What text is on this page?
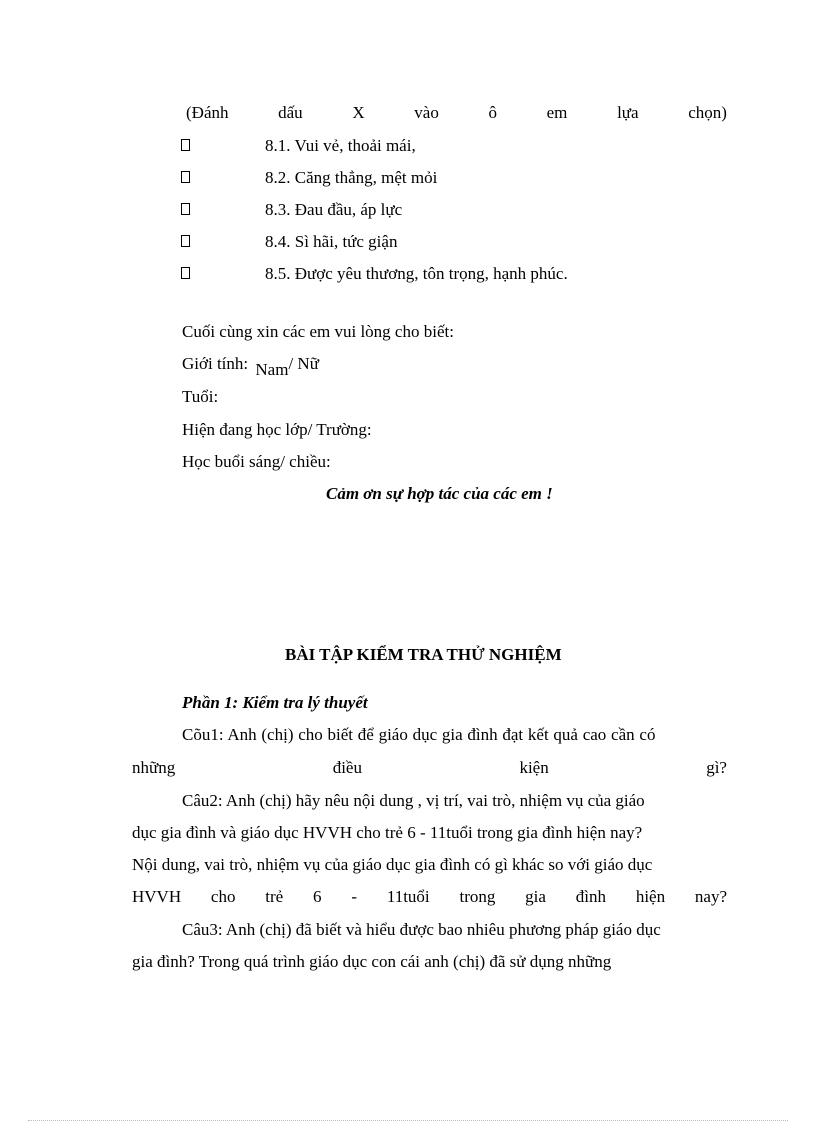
(Đánh	dấu	X	vào	ô	em	lựa	chọn)
8.1. Vui vẻ, thoải mái,
8.2. Căng thẳng, mệt mỏi
8.3. Đau đầu, áp lực
8.4. Sì hãi, tức giận
8.5. Được yêu thương, tôn trọng, hạnh phúc.
Cuối cùng xin các em vui lòng cho biết:
Giới tính: Nam/ Nữ
Tuổi:
Hiện đang học lớp/ Trường:
Học buổi sáng/ chiều:
Cảm ơn sự hợp tác của các em !
BÀI TẬP KIỂM TRA THỬ NGHIỆM
Phần 1: Kiểm tra lý thuyết
Cõu1: Anh (chị) cho biết để giáo dục gia đình đạt kết quả cao cần có
những	điều	kiện	gì?
Câu2: Anh (chị) hãy nêu nội dung , vị trí, vai trò, nhiệm vụ của giáo
dục gia đình và giáo dục HVVH cho trẻ 6 - 11tuổi trong gia đình hiện nay?
Nội dung, vai trò, nhiệm vụ của giáo dục gia đình có gì khác so với giáo dục
HVVH cho trẻ 6 - 11tuổi trong gia đình hiện nay?
Câu3: Anh (chị) đã biết và hiểu được bao nhiêu phương pháp giáo dục
gia đình? Trong quá trình giáo dục con cái anh (chị) đã sử dụng những
